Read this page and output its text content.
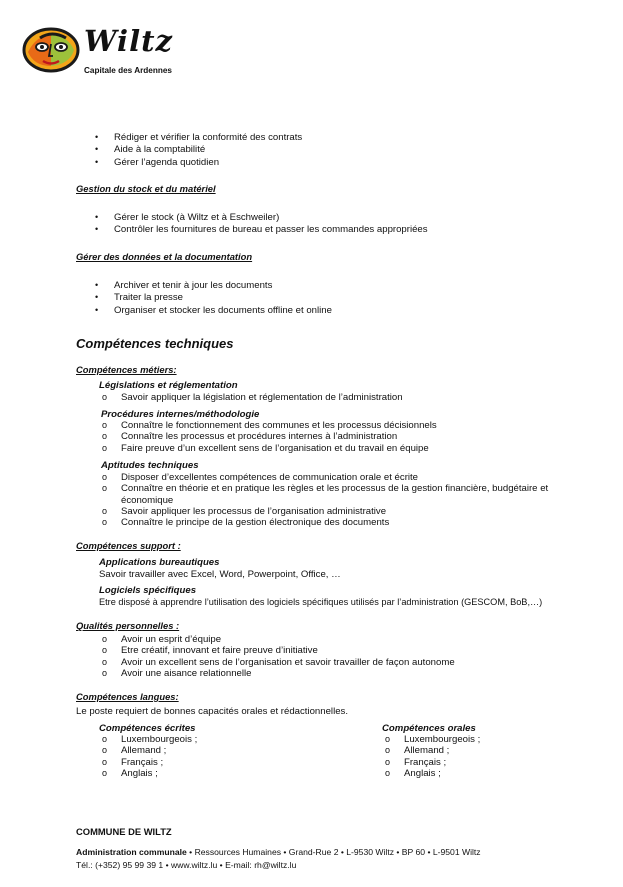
Wiltz
Capitale des Ardennes
• Rédiger et vérifier la conformité des contrats
• Aide à la comptabilité
• Gérer l’agenda quotidien
Gestion du stock et du matériel
• Gérer le stock (à Wiltz et à Eschweiler)
• Contrôler les fournitures de bureau et passer les commandes appropriées
Gérer des données et la documentation
• Archiver et tenir à jour les documents
• Traiter la presse
• Organiser et stocker les documents offline et online
Compétences techniques
Compétences métiers:
Législations et réglementation
o Savoir appliquer la législation et réglementation de l’administration
Procédures internes/méthodologie
o Connaître le fonctionnement des communes et les processus décisionnels
o Connaître les processus et procédures internes à l’administration
o Faire preuve d’un excellent sens de l’organisation et du travail en équipe
Aptitudes techniques
o Disposer d’excellentes compétences de communication orale et écrite
o Connaître en théorie et en pratique les règles et les processus de la gestion financière, budgétaire et
économique
o Savoir appliquer les processus de l’organisation administrative
o Connaître le principe de la gestion électronique des documents
Compétences support :
Applications bureautiques
Savoir travailler avec Excel, Word, Powerpoint, Office, …
Logiciels spécifiques
Etre disposé à apprendre l’utilisation des logiciels spécifiques utilisés par l’administration (GESCOM, BoB,…)
Qualités personnelles :
o Avoir un esprit d’équipe
o Etre créatif, innovant et faire preuve d’initiative
o Avoir un excellent sens de l’organisation et savoir travailler de façon autonome
o Avoir une aisance relationnelle
Compétences langues:
Le poste requiert de bonnes capacités orales et rédactionnelles.
Compétences écrites
o Luxembourgeois ;
o Allemand ;
o Français ;
o Anglais ;
Compétences orales
o Luxembourgeois ;
o Allemand ;
o Français ;
o Anglais ;
COMMUNE DE WILTZ
Administration communale • Ressources Humaines • Grand-Rue 2 • L-9530 Wiltz • BP 60 • L-9501 Wiltz
Tél.: (+352) 95 99 39 1 • www.wiltz.lu • E-mail: rh@wiltz.lu
